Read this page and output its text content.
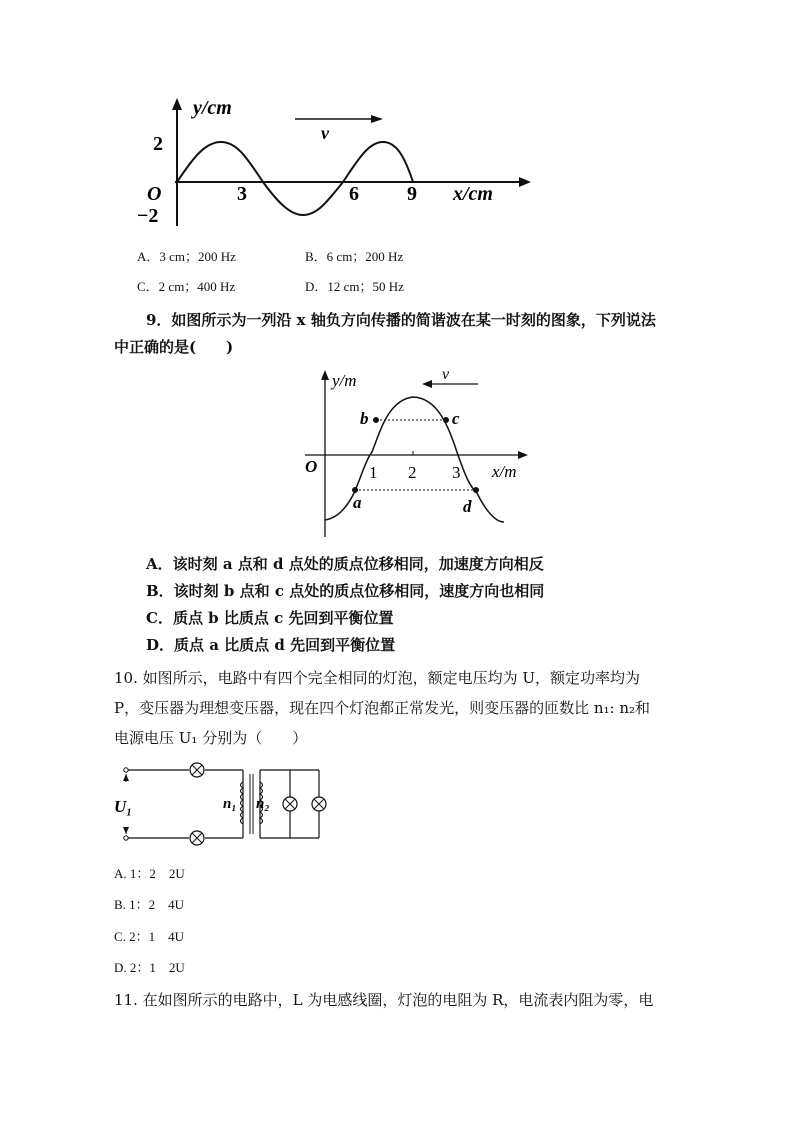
v
y/cm
x/cm
O
2
−2
3	6 9
A．3 cm；200 Hz	B．6 cm；200 Hz
C．2 cm；400 Hz	D．12 cm；50 Hz
9．如图所示为一列沿 x 轴负方向传播的简谐波在某一时刻的图象，下列说法
中正确的是(　　)
v
y/m
x/m
O	1 2 3
a
b	c
d
A．该时刻 a 点和 d 点处的质点位移相同，加速度方向相反
B．该时刻 b 点和 c 点处的质点位移相同，速度方向也相同
C．质点 b 比质点 c 先回到平衡位置
D．质点 a 比质点 d 先回到平衡位置
10. 如图所示，电路中有四个完全相同的灯泡，额定电压均为 U，额定功率均为
P，变压器为理想变压器，现在四个灯泡都正常发光，则变压器的匝数比 n₁: n₂和
电源电压 U₁ 分别为（　　）
U₁	n₁ n₂
A. 1：2　2U
B. 1：2　4U
C. 2：1　4U
D. 2：1　2U
11. 在如图所示的电路中，L 为电感线圈，灯泡的电阻为 R，电流表内阻为零，电
